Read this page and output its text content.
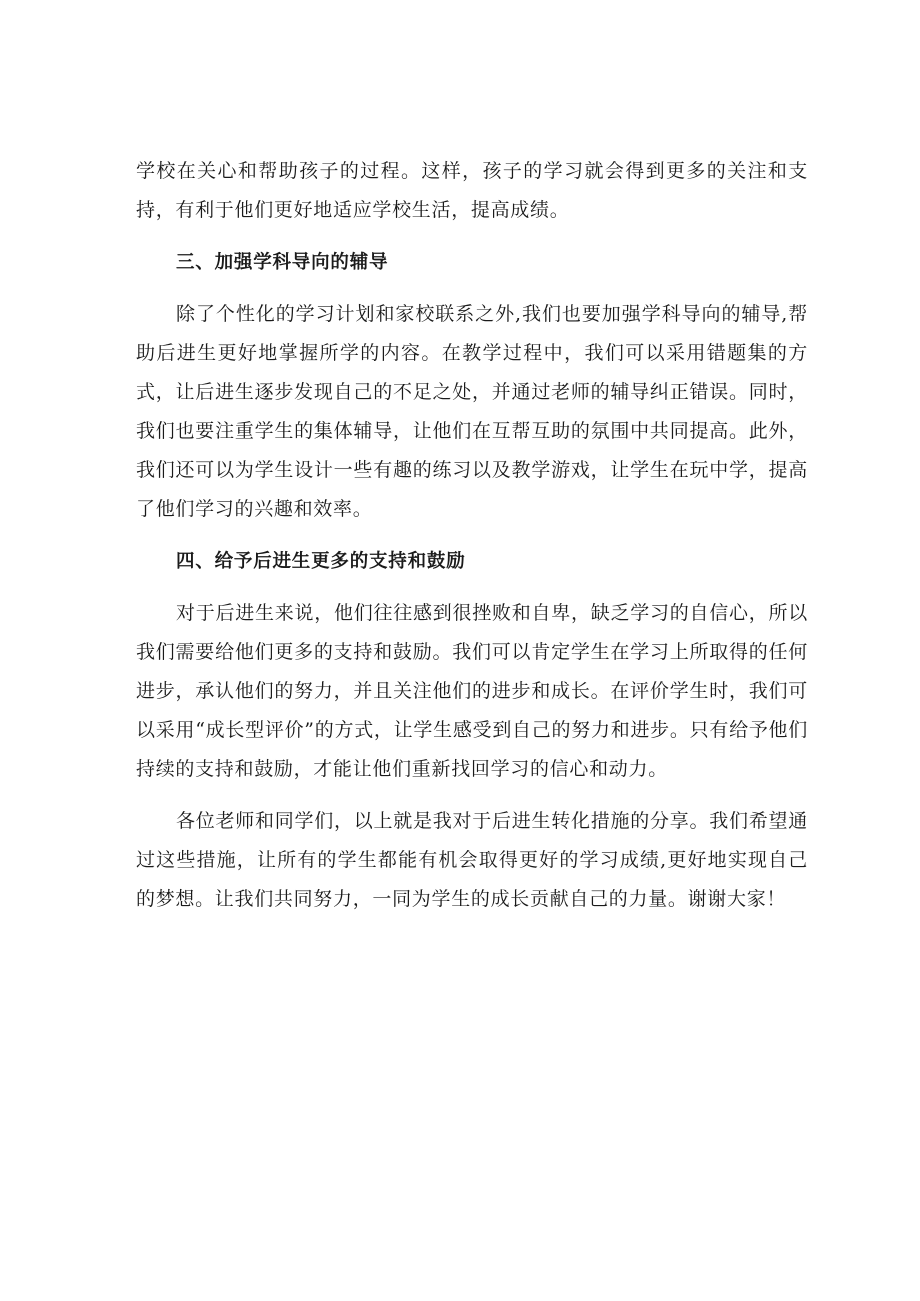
学校在关心和帮助孩子的过程。这样，孩子的学习就会得到更多的关注和支持，有利于他们更好地适应学校生活，提高成绩。

三、加强学科导向的辅导

除了个性化的学习计划和家校联系之外,我们也要加强学科导向的辅导,帮助后进生更好地掌握所学的内容。在教学过程中，我们可以采用错题集的方式，让后进生逐步发现自己的不足之处，并通过老师的辅导纠正错误。同时，我们也要注重学生的集体辅导，让他们在互帮互助的氛围中共同提高。此外，我们还可以为学生设计一些有趣的练习以及教学游戏，让学生在玩中学，提高了他们学习的兴趣和效率。

四、给予后进生更多的支持和鼓励

对于后进生来说，他们往往感到很挫败和自卑，缺乏学习的自信心，所以我们需要给他们更多的支持和鼓励。我们可以肯定学生在学习上所取得的任何进步，承认他们的努力，并且关注他们的进步和成长。在评价学生时，我们可以采用“成长型评价”的方式，让学生感受到自己的努力和进步。只有给予他们持续的支持和鼓励，才能让他们重新找回学习的信心和动力。

各位老师和同学们，以上就是我对于后进生转化措施的分享。我们希望通过这些措施，让所有的学生都能有机会取得更好的学习成绩,更好地实现自己的梦想。让我们共同努力，一同为学生的成长贡献自己的力量。谢谢大家！
